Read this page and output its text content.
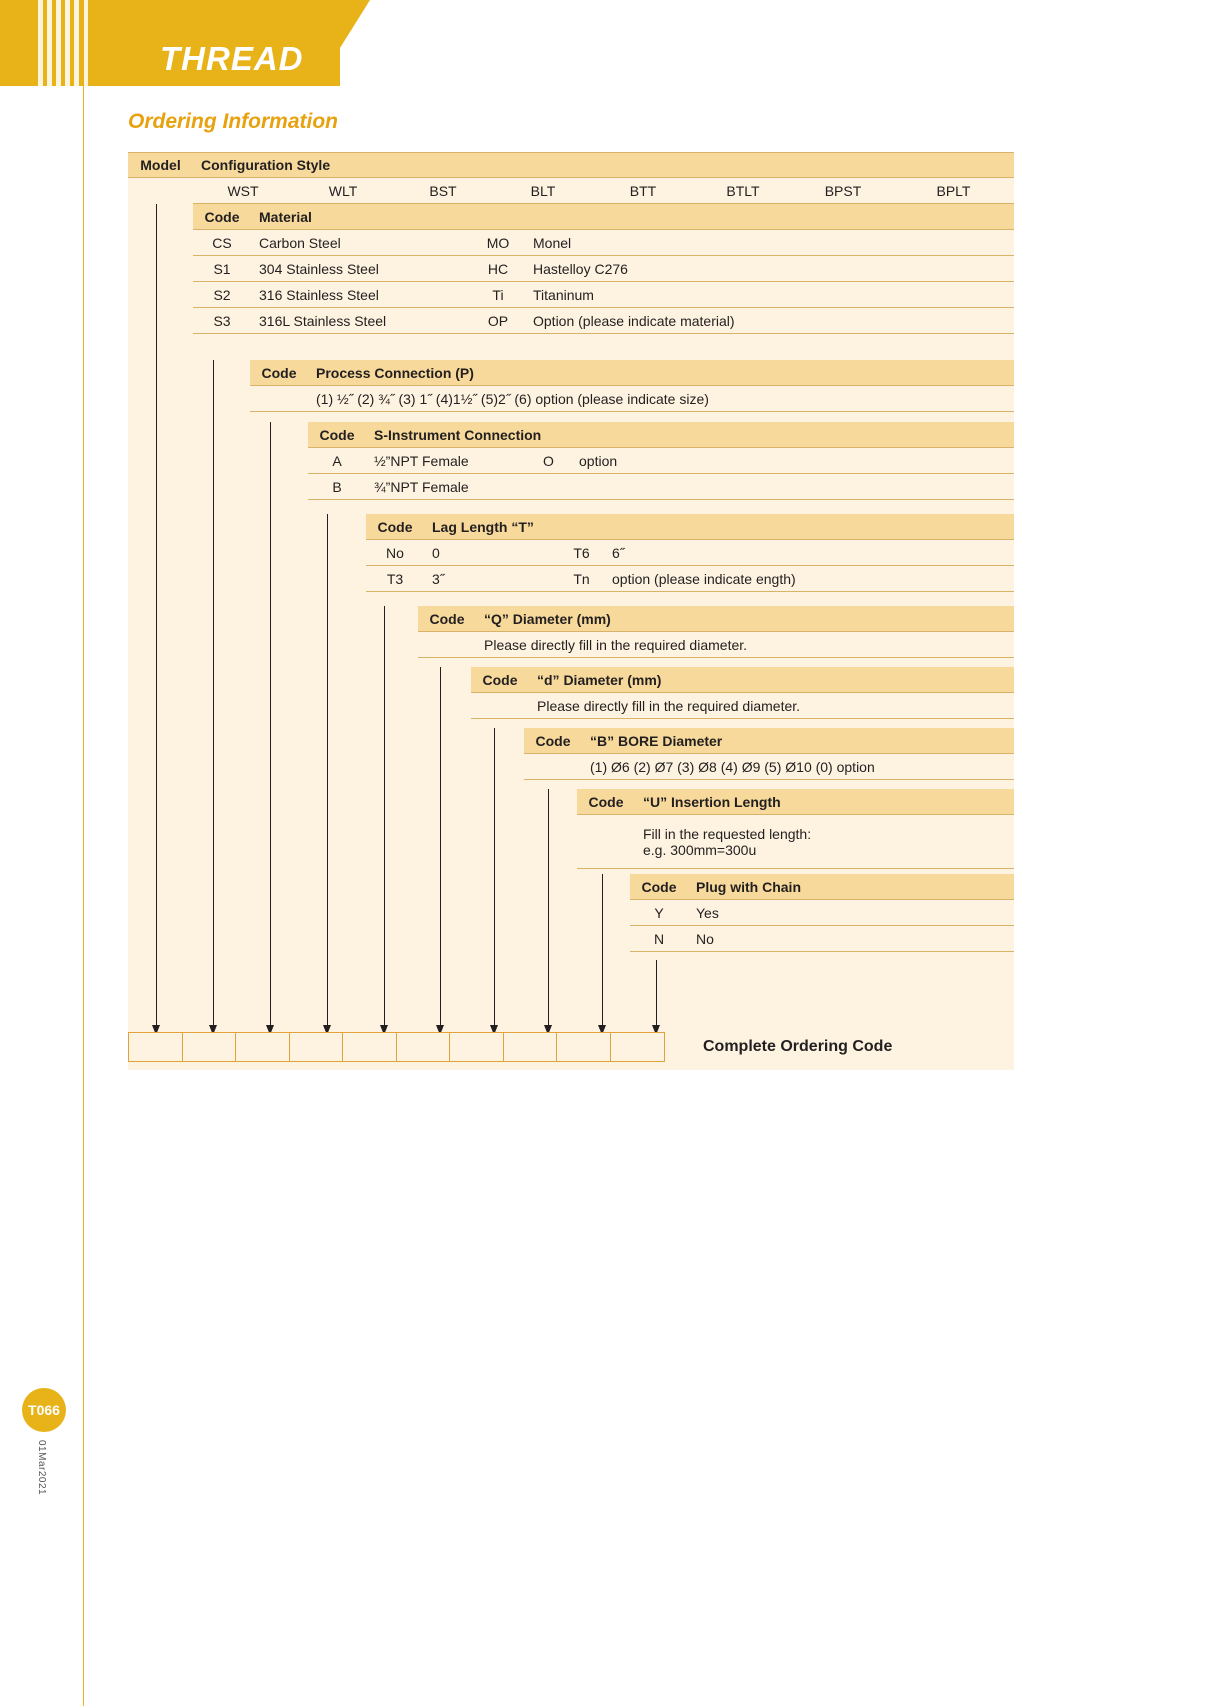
THREAD
T066
01Mar2021
Ordering Information
Model	Configuration Style
WST	WLT	BST	BLT	BTT	BTLT	BPST	BPLT
Code	Material
CS	Carbon Steel	MO	Monel
S1	304 Stainless Steel	HC	Hastelloy C276
S2	316 Stainless Steel	Ti	Titaninum
S3	316L Stainless Steel	OP	Option (please indicate material)
Code	Process Connection (P)
(1) ½˝ (2) ¾˝ (3) 1˝ (4)1½˝ (5)2˝ (6) option (please indicate size)
Code	S-Instrument Connection
A	½”NPT Female	O	option
B	¾”NPT Female
Code	Lag Length “T”
No	0	T6	6˝
T3	3˝	Tn	option (please indicate ength)
Code	“Q” Diameter (mm)
Please directly fill in the required diameter.
Code	“d” Diameter (mm)
Please directly fill in the required diameter.
Code	“B” BORE Diameter
(1) Ø6 (2) Ø7 (3) Ø8 (4) Ø9 (5) Ø10 (0) option
Code	“U” Insertion Length
Fill in the requested length:
e.g. 300mm=300u
Code	Plug with Chain
Y	Yes
N	No
Complete Ordering Code
